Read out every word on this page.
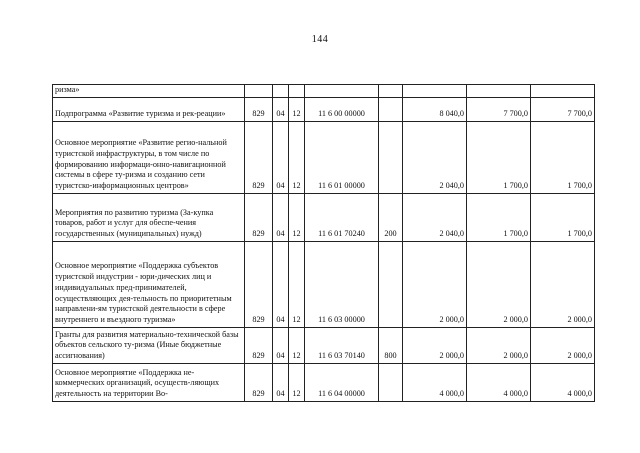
144
ризма»								
Подпрограмма «Развитие туризма и рек-реации»	829	04	12	11 6 00 00000		8 040,0	7 700,0	7 700,0
Основное мероприятие «Развитие регио-нальной туристской инфраструктуры, в том числе по формированию информаци-онно-навигационной системы в сфере ту-ризма и созданию сети туристско-информационных центров»	829	04	12	11 6 01 00000		2 040,0	1 700,0	1 700,0
Мероприятия по развитию туризма (За-купка товаров, работ и услуг для обеспе-чения государственных (муниципальных) нужд)	829	04	12	11 6 01 70240	200	2 040,0	1 700,0	1 700,0
Основное мероприятие «Поддержка субъектов туристской индустрии - юри-дических лиц и индивидуальных пред-принимателей, осуществляющих дея-тельность по приоритетным направлени-ям туристской деятельности в сфере внутреннего и въездного туризма»	829	04	12	11 6 03 00000		2 000,0	2 000,0	2 000,0
Гранты для развития материально-технической базы объектов сельского ту-ризма (Иные бюджетные ассигнования)	829	04	12	11 6 03 70140	800	2 000,0	2 000,0	2 000,0
Основное мероприятие «Поддержка не-коммерческих организаций, осуществ-ляющих деятельность на территории Во-	829	04	12	11 6 04 00000		4 000,0	4 000,0	4 000,0
